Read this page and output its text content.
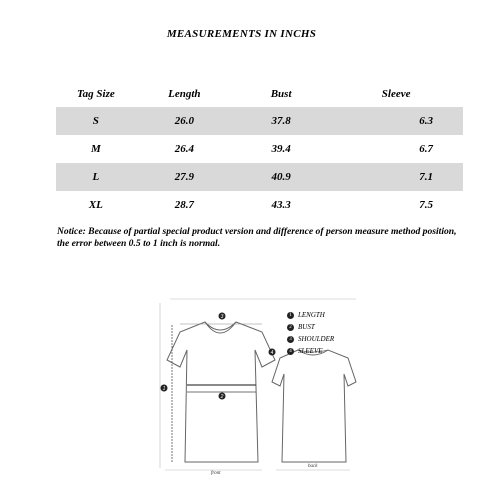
MEASUREMENTS IN INCHS
Tag Size	Length	Bust	Sleeve
S	26.0	37.8	6.3
M	26.4	39.4	6.7
L	27.9	40.9	7.1
XL	28.7	43.3	7.5
Notice: Because of partial special product version and difference of person measure method position, the error between 0.5 to 1 inch is normal.
1
2
3
4
1 LENGTH
2 BUST
3 SHOULDER
4 SLEEVE
front
back
